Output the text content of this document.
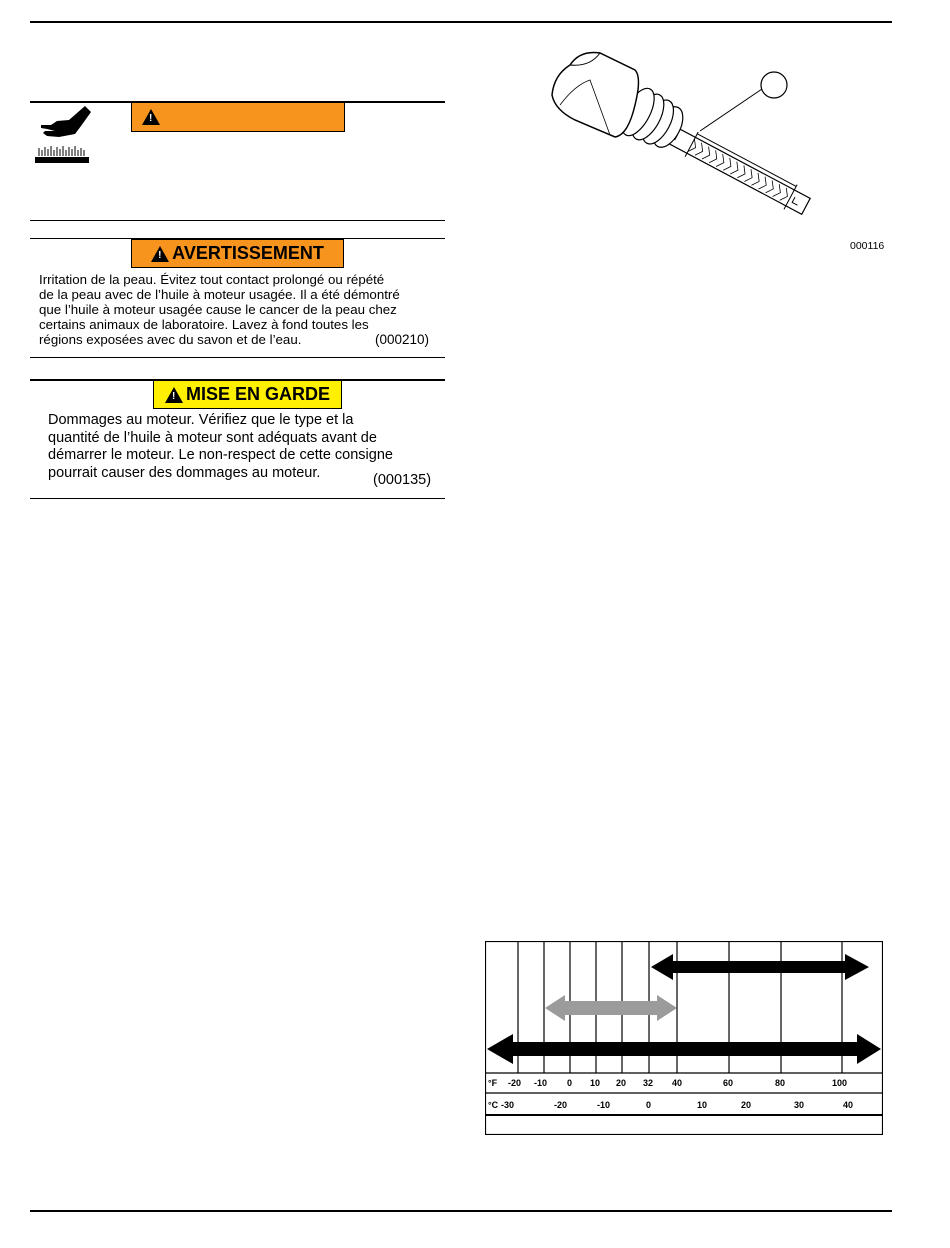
!
! AVERTISSEMENT
Irritation de la peau. Évitez tout contact prolongé ou répété
de la peau avec de l’huile à moteur usagée. Il a été démontré
que l’huile à moteur usagée cause le cancer de la peau chez
certains animaux de laboratoire. Lavez à fond toutes les
régions exposées avec du savon et de l’eau.	(000210)
! MISE EN GARDE
Dommages au moteur. Vérifiez que le type et la
quantité de l’huile à moteur sont adéquats avant de
démarrer le moteur. Le non-respect de cette consigne
pourrait causer des dommages au moteur.	(000135)
000116
°F -20 -10 0 10 20 32 40	60	80	100
°C -30	-20	-10	0	10	20	30	40
